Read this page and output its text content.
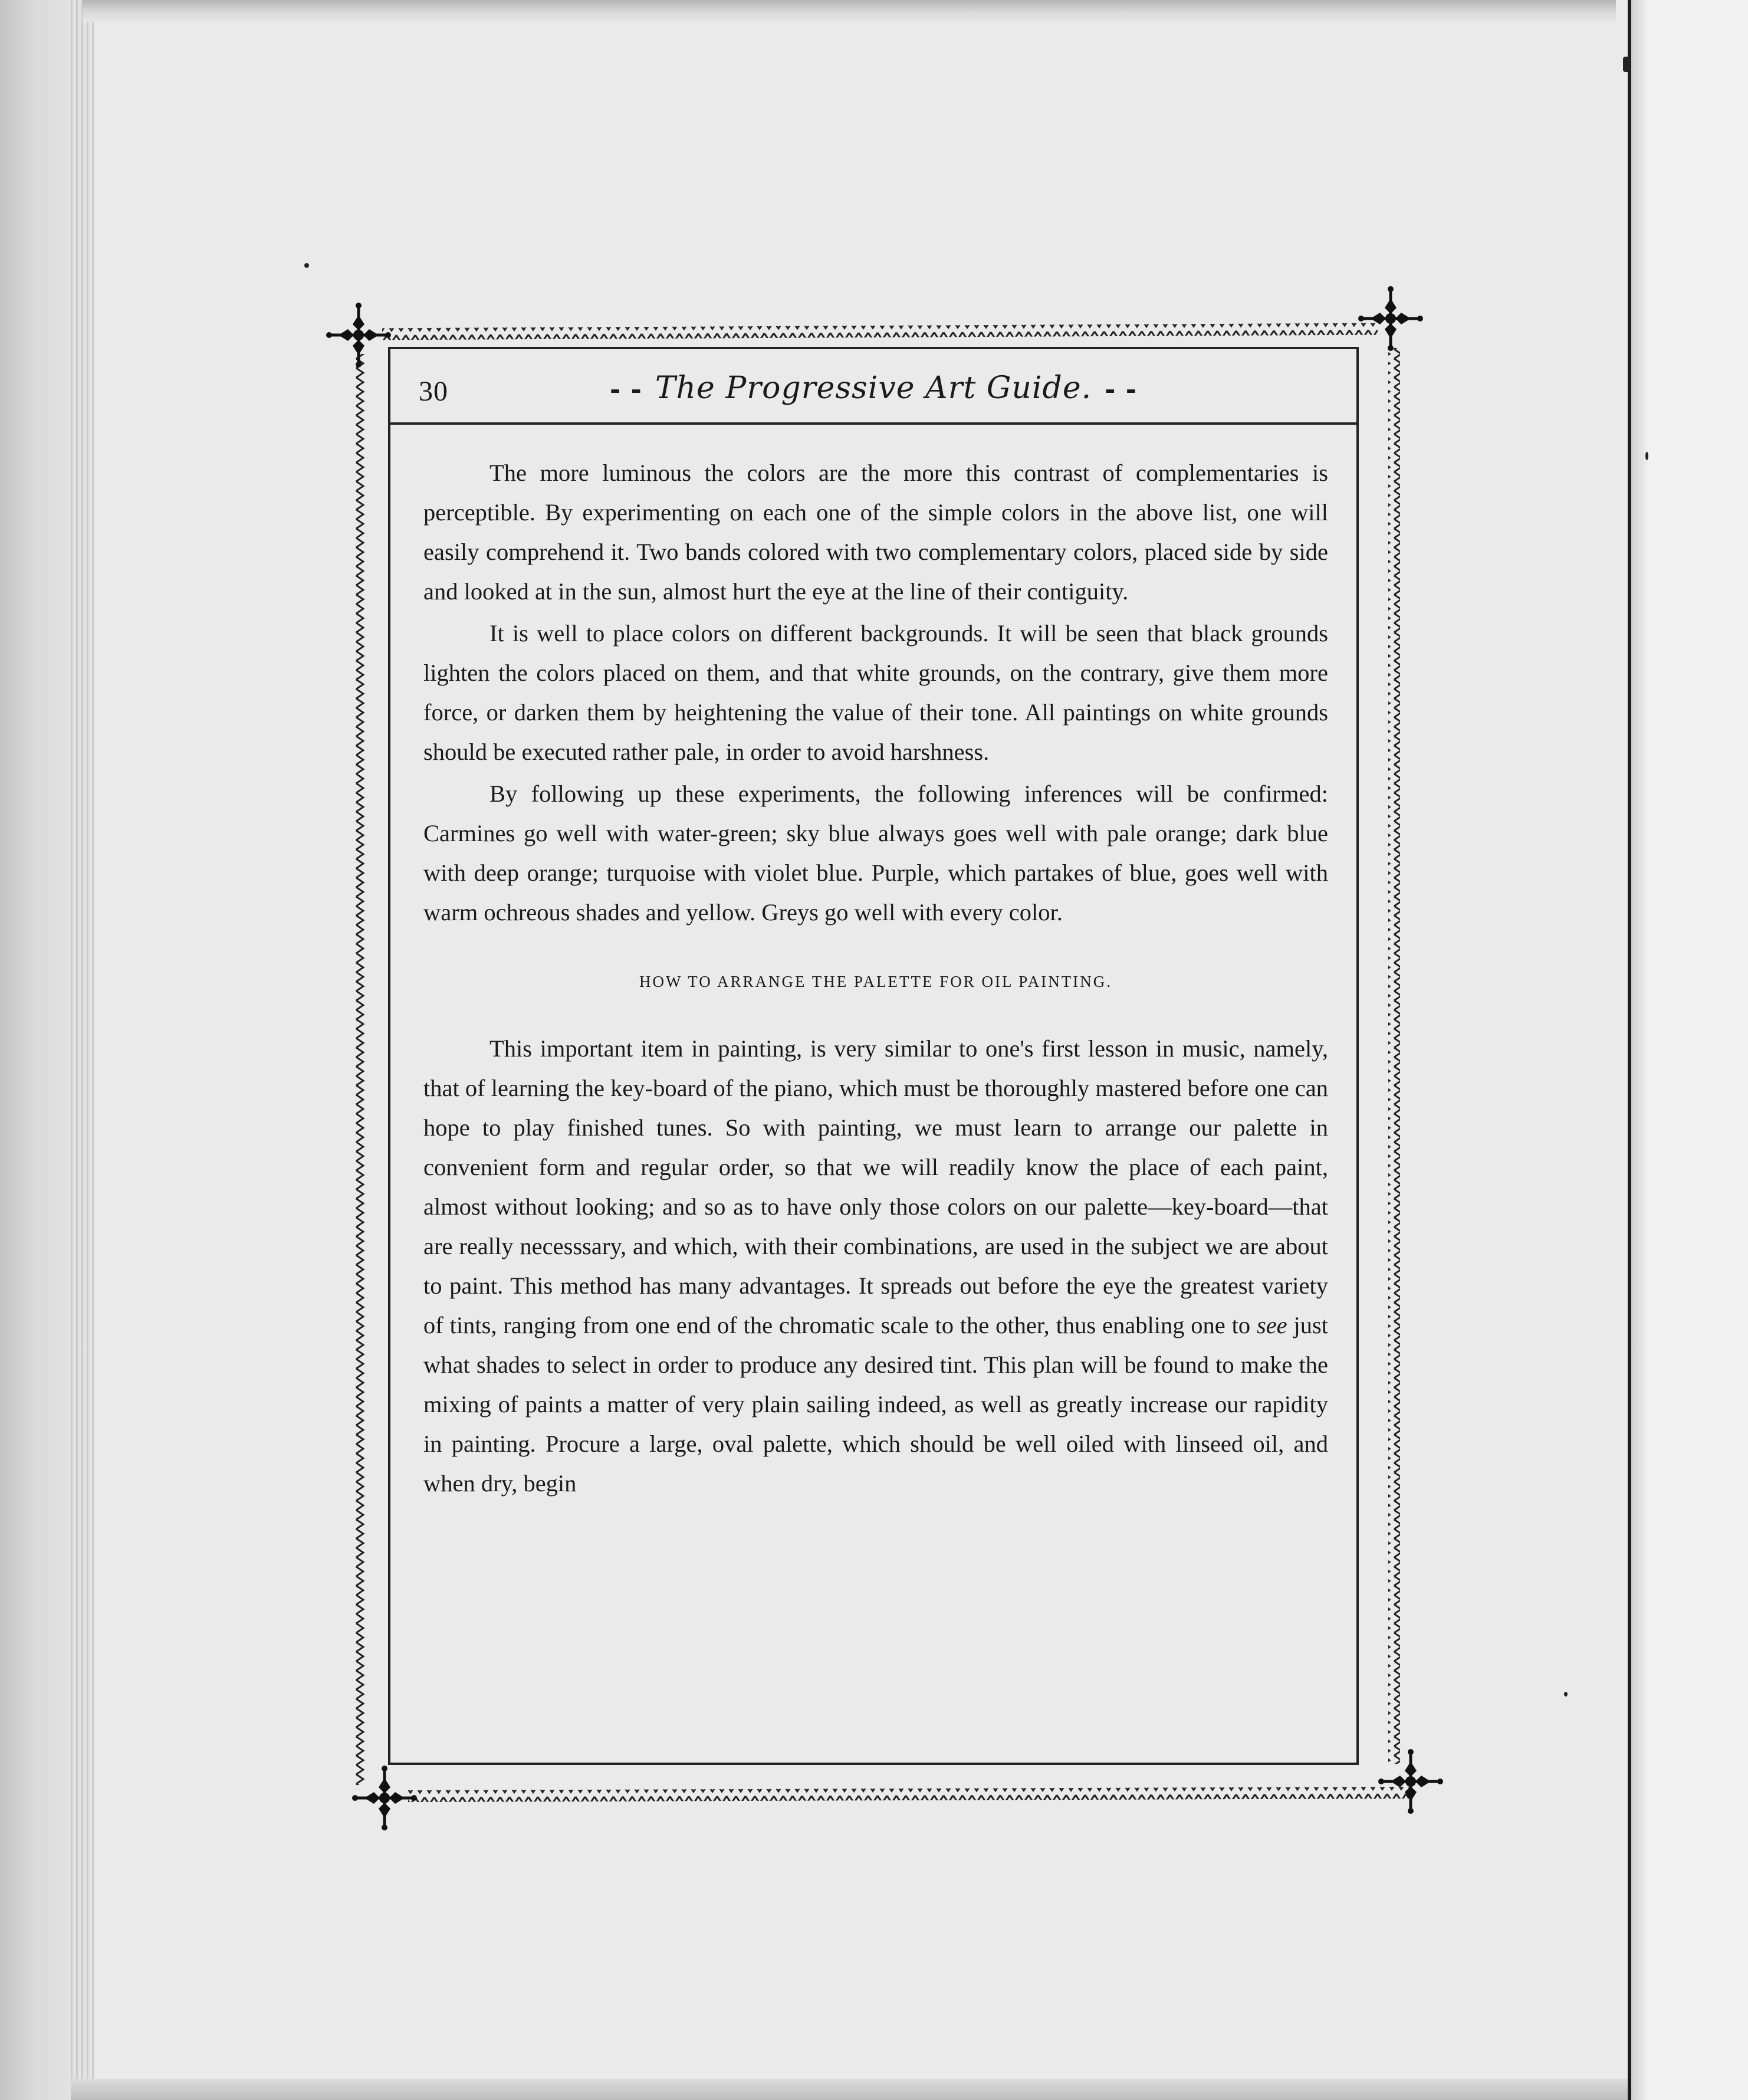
30	- - The Progressive Art Guide. - -

The more luminous the colors are the more this contrast of complementaries is perceptible. By experimenting on each one of the simple colors in the above list, one will easily comprehend it. Two bands colored with two complementary colors, placed side by side and looked at in the sun, almost hurt the eye at the line of their contiguity.

It is well to place colors on different backgrounds. It will be seen that black grounds lighten the colors placed on them, and that white grounds, on the contrary, give them more force, or darken them by heightening the value of their tone. All paintings on white grounds should be executed rather pale, in order to avoid harshness.

By following up these experiments, the following inferences will be confirmed: Carmines go well with water-green; sky blue always goes well with pale orange; dark blue with deep orange; turquoise with violet blue. Purple, which partakes of blue, goes well with warm ochreous shades and yellow. Greys go well with every color.

HOW TO ARRANGE THE PALETTE FOR OIL PAINTING.

This important item in painting, is very similar to one's first lesson in music, namely, that of learning the key-board of the piano, which must be thoroughly mastered before one can hope to play finished tunes. So with painting, we must learn to arrange our palette in convenient form and regular order, so that we will readily know the place of each paint, almost without looking; and so as to have only those colors on our palette—key-board—that are really necesssary, and which, with their combinations, are used in the subject we are about to paint. This method has many advantages. It spreads out before the eye the greatest variety of tints, ranging from one end of the chromatic scale to the other, thus enabling one to see just what shades to select in order to produce any desired tint. This plan will be found to make the mixing of paints a matter of very plain sailing indeed, as well as greatly increase our rapidity in painting. Procure a large, oval palette, which should be well oiled with linseed oil, and when dry, begin
